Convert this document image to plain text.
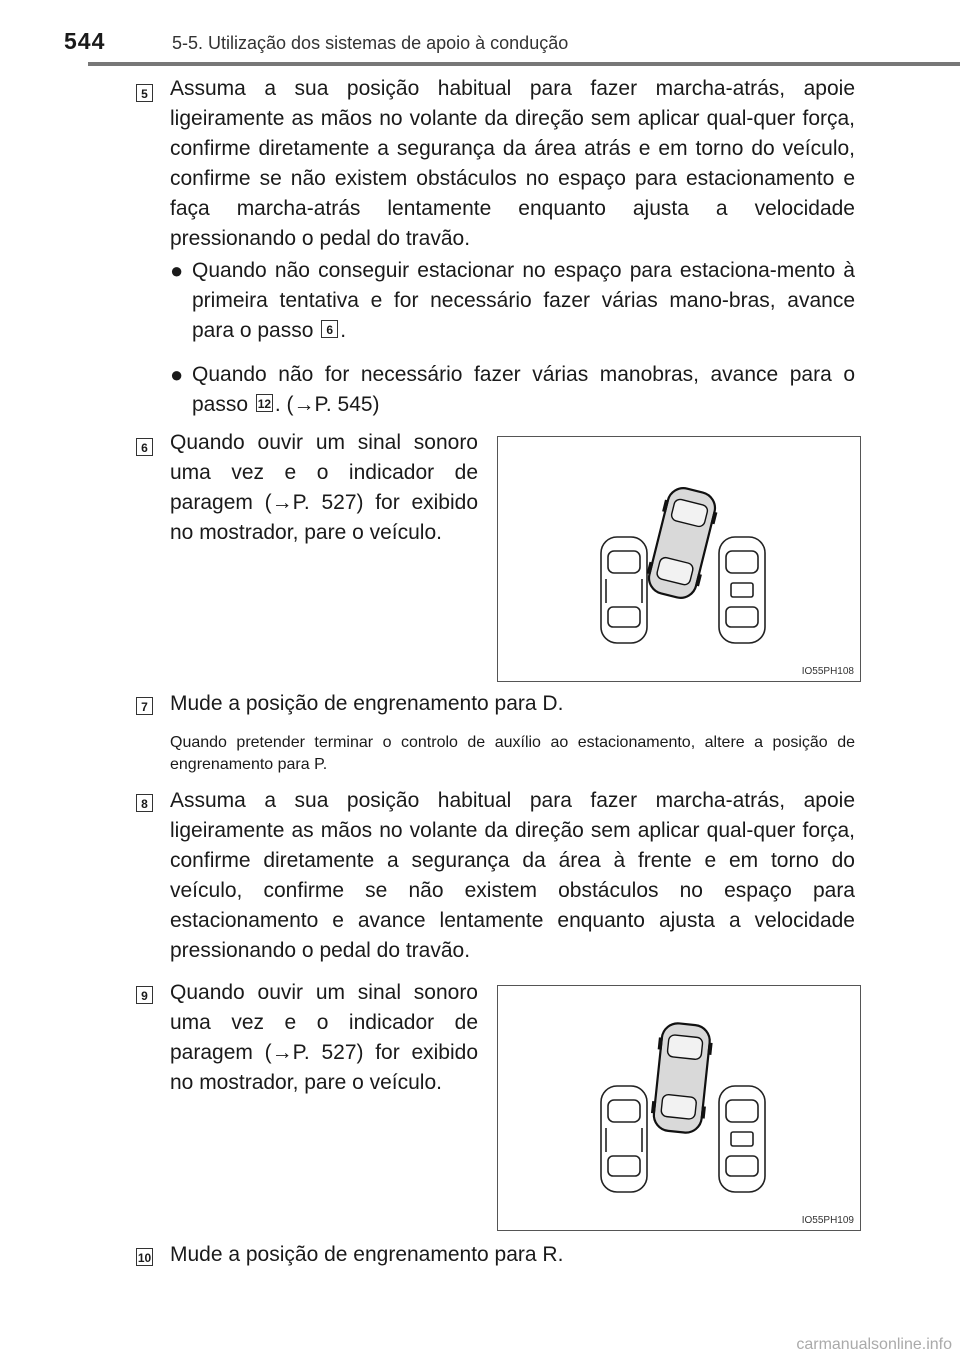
544	5-5. Utilização dos sistemas de apoio à condução
5 Assuma a sua posição habitual para fazer marcha-atrás, apoie ligeiramente as mãos no volante da direção sem aplicar qual-quer força, confirme diretamente a segurança da área atrás e em torno do veículo, confirme se não existem obstáculos no espaço para estacionamento e faça marcha-atrás lentamente enquanto ajusta a velocidade pressionando o pedal do travão.

● Quando não conseguir estacionar no espaço para estaciona-mento à primeira tentativa e for necessário fazer várias mano-bras, avance para o passo 6 .
● Quando não for necessário fazer várias manobras, avance para o passo 12 . (→P. 545)
6 Quando ouvir um sinal sonoro uma vez e o indicador de paragem (→P. 527) for exibido no mostrador, pare o veículo.

IO55PH108
7 Mude a posição de engrenamento para D.

Quando pretender terminar o controlo de auxílio ao estacionamento, altere a posição de engrenamento para P.

8 Assuma a sua posição habitual para fazer marcha-atrás, apoie ligeiramente as mãos no volante da direção sem aplicar qual-quer força, confirme diretamente a segurança da área à frente e em torno do veículo, confirme se não existem obstáculos no espaço para estacionamento e avance lentamente enquanto ajusta a velocidade pressionando o pedal do travão.

9 Quando ouvir um sinal sonoro uma vez e o indicador de paragem (→P. 527) for exibido no mostrador, pare o veículo.

IO55PH109
10 Mude a posição de engrenamento para R.

carmanualsonline.info
